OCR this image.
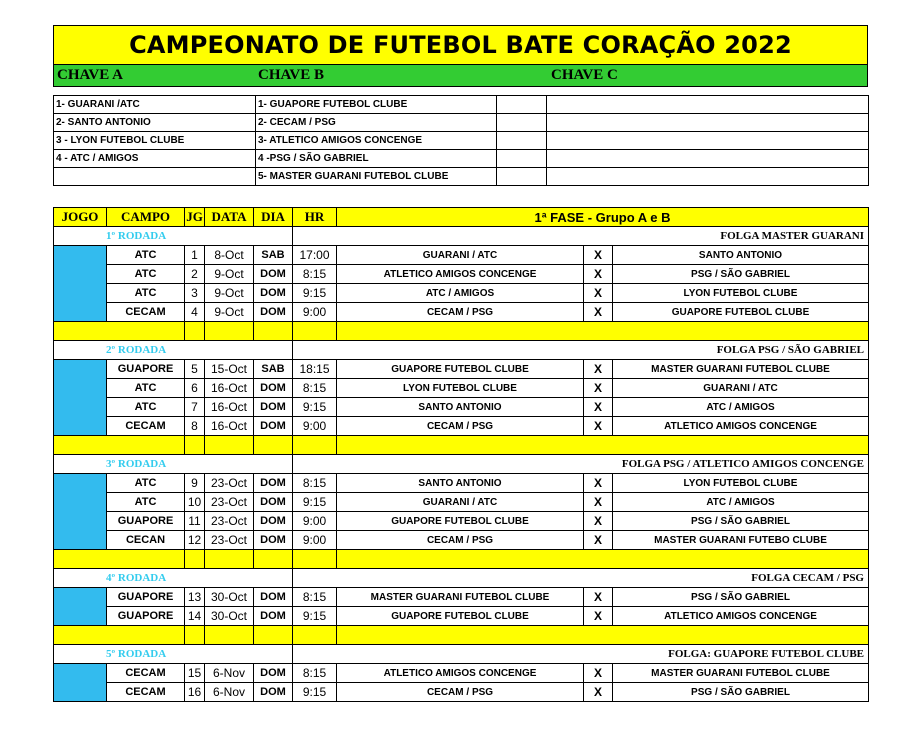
CAMPEONATO DE FUTEBOL BATE CORAÇÃO 2022
CHAVE A	CHAVE B	CHAVE C
1- GUARANI /ATC	1- GUAPORE FUTEBOL CLUBE		
2- SANTO ANTONIO	2- CECAM / PSG		
3 - LYON FUTEBOL CLUBE	3- ATLETICO AMIGOS CONCENGE		
4 - ATC / AMIGOS	4 -PSG / SÃO GABRIEL		
	5- MASTER GUARANI FUTEBOL CLUBE		
JOGO	CAMPO	JG	DATA	DIA	HR	1ª FASE - Grupo A e B		
1º RODADA					FOLGA MASTER GUARANI			
	ATC	1	8-Oct	SAB	17:00	GUARANI / ATC	X	SANTO ANTONIO
	ATC	2	9-Oct	DOM	8:15	ATLETICO AMIGOS CONCENGE	X	PSG / SÃO GABRIEL
	ATC	3	9-Oct	DOM	9:15	ATC / AMIGOS	X	LYON FUTEBOL CLUBE
	CECAM	4	9-Oct	DOM	9:00	CECAM / PSG	X	GUAPORE FUTEBOL CLUBE

2º RODADA					FOLGA PSG / SÃO GABRIEL			
	GUAPORE	5	15-Oct	SAB	18:15	GUAPORE FUTEBOL CLUBE	X	MASTER GUARANI FUTEBOL CLUBE
	ATC	6	16-Oct	DOM	8:15	LYON FUTEBOL CLUBE	X	GUARANI / ATC
	ATC	7	16-Oct	DOM	9:15	SANTO ANTONIO	X	ATC / AMIGOS
	CECAM	8	16-Oct	DOM	9:00	CECAM / PSG	X	ATLETICO AMIGOS CONCENGE

3º RODADA					FOLGA PSG / ATLETICO AMIGOS CONCENGE			
	ATC	9	23-Oct	DOM	8:15	SANTO ANTONIO	X	LYON FUTEBOL CLUBE
	ATC	10	23-Oct	DOM	9:15	GUARANI / ATC	X	ATC / AMIGOS
	GUAPORE	11	23-Oct	DOM	9:00	GUAPORE FUTEBOL CLUBE	X	PSG / SÃO GABRIEL
	CECAN	12	23-Oct	DOM	9:00	CECAM / PSG	X	MASTER GUARANI FUTEBO CLUBE

4º RODADA					FOLGA CECAM / PSG			
	GUAPORE	13	30-Oct	DOM	8:15	MASTER GUARANI FUTEBOL CLUBE	X	PSG / SÃO GABRIEL
	GUAPORE	14	30-Oct	DOM	9:15	GUAPORE FUTEBOL CLUBE	X	ATLETICO AMIGOS CONCENGE

5º RODADA					FOLGA: GUAPORE FUTEBOL CLUBE			
	CECAM	15	6-Nov	DOM	8:15	ATLETICO AMIGOS CONCENGE	X	MASTER GUARANI FUTEBOL CLUBE
	CECAM	16	6-Nov	DOM	9:15	CECAM / PSG	X	PSG / SÃO GABRIEL
